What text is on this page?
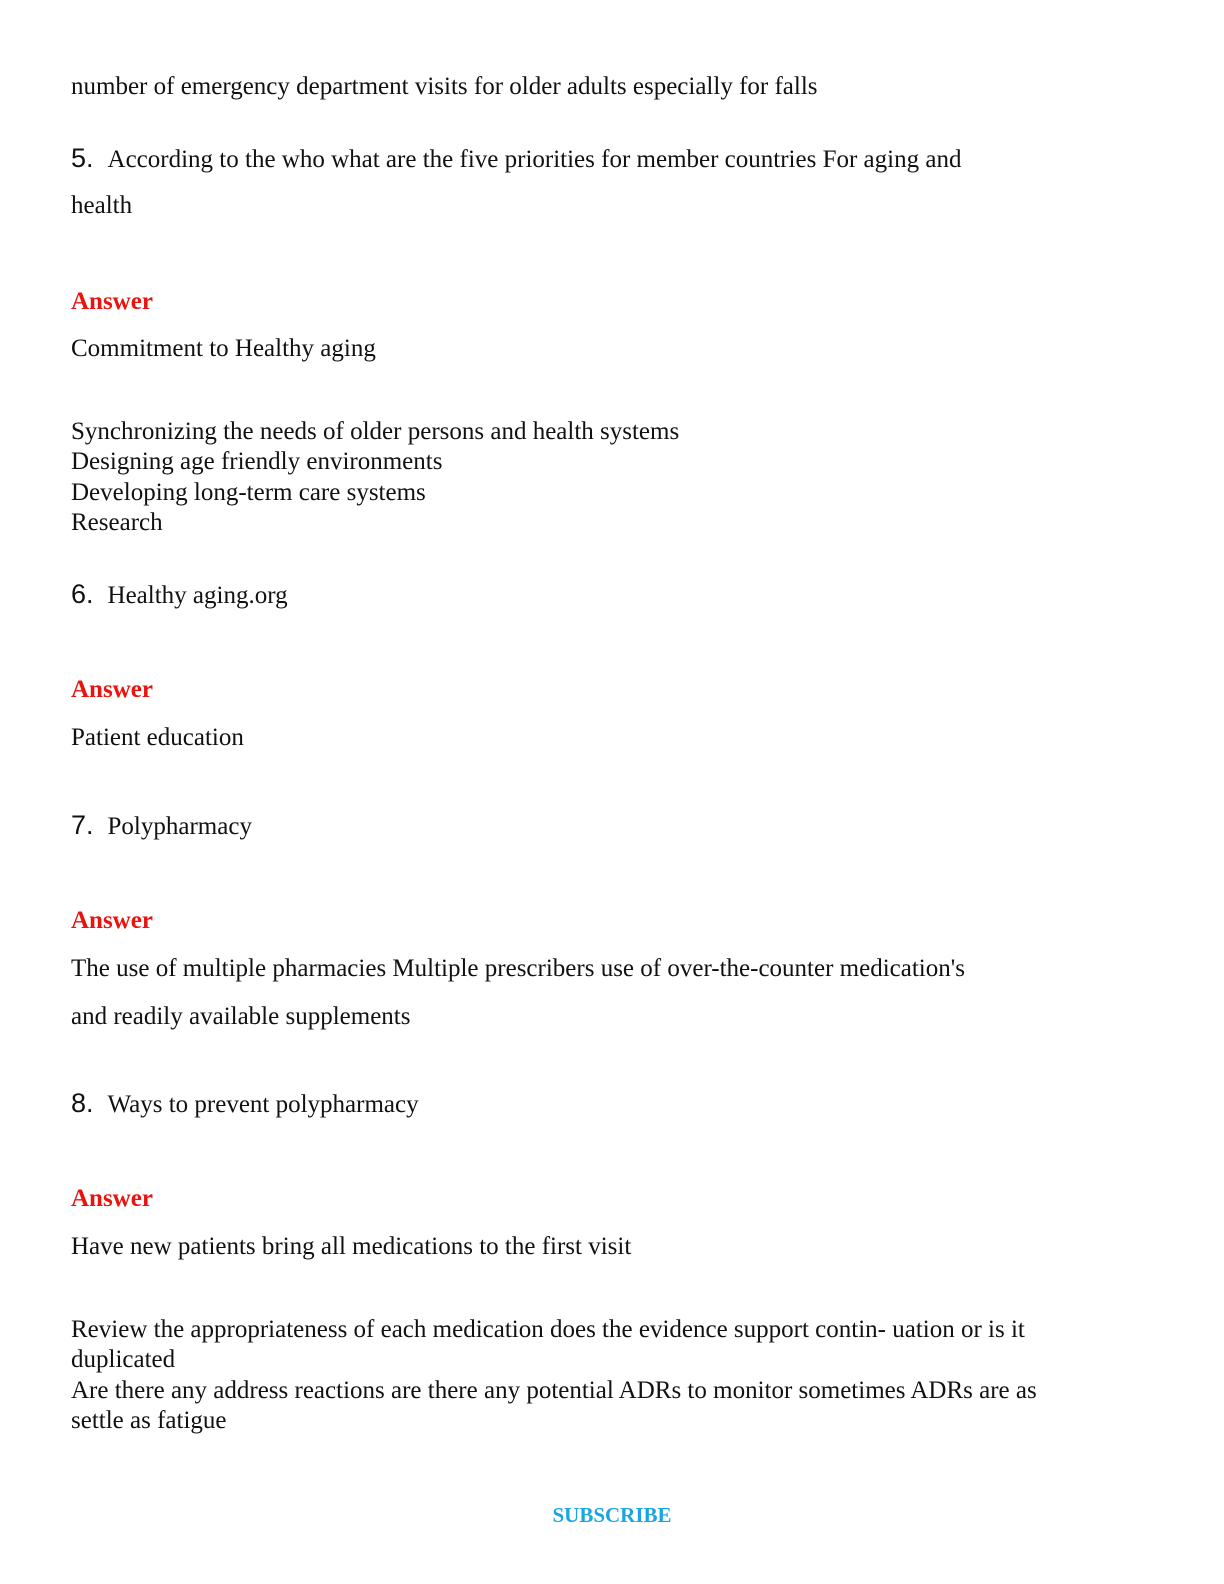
number of emergency department visits for older adults especially for falls
5. According to the who what are the five priorities for member countries For aging and
health
Answer
Commitment to Healthy aging
Synchronizing the needs of older persons and health systems
Designing age friendly environments
Developing long-term care systems
Research
6. Healthy aging.org
Answer
Patient education
7. Polypharmacy
Answer
The use of multiple pharmacies Multiple prescribers use of over-the-counter medication's
and readily available supplements
8. Ways to prevent polypharmacy
Answer
Have new patients bring all medications to the first visit
Review the appropriateness of each medication does the evidence support contin- uation or is it
duplicated
Are there any address reactions are there any potential ADRs to monitor sometimes ADRs are as
settle as fatigue
SUBSCRIBE
